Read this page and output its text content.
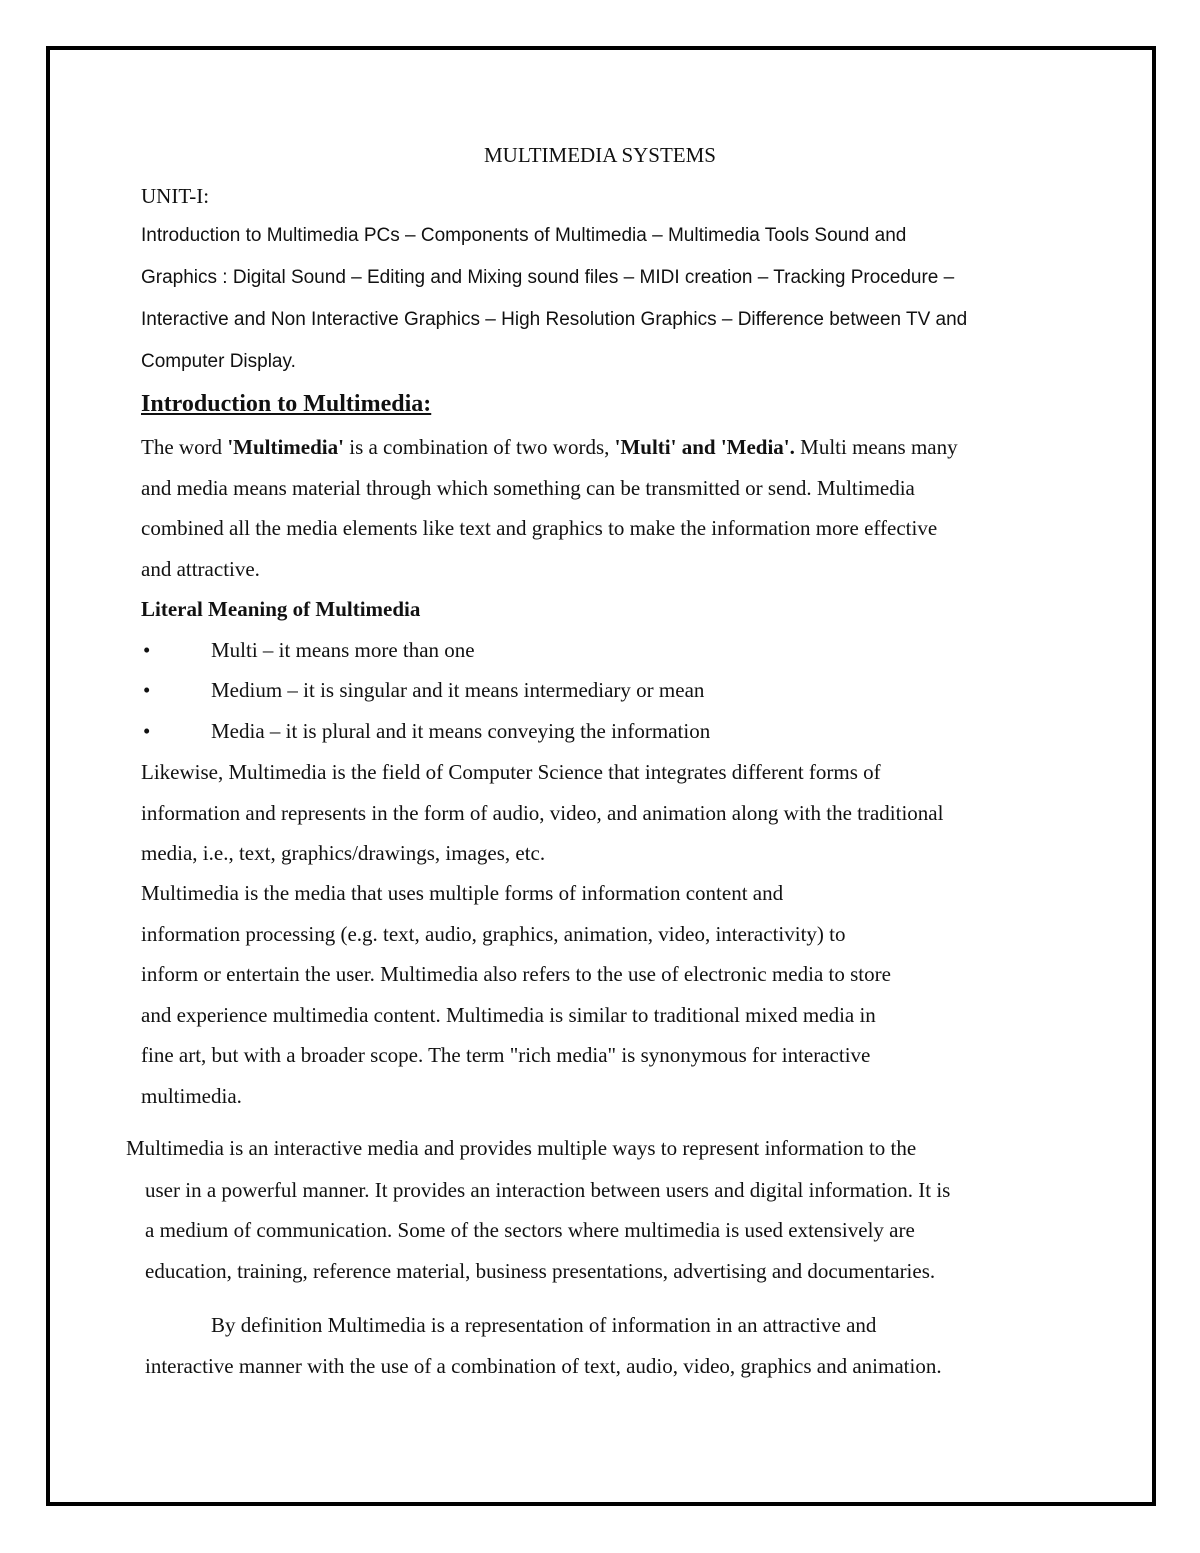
MULTIMEDIA SYSTEMS
UNIT-I:
Introduction to Multimedia PCs – Components of Multimedia – Multimedia Tools Sound and
Graphics : Digital Sound – Editing and Mixing sound files – MIDI creation – Tracking Procedure –
Interactive and Non Interactive Graphics – High Resolution Graphics – Difference between TV and
Computer Display.
Introduction to Multimedia:
The word 'Multimedia' is a combination of two words, 'Multi' and 'Media'. Multi means many
and media means material through which something can be transmitted or send. Multimedia
combined all the media elements like text and graphics to make the information more effective
and attractive.
Literal Meaning of Multimedia
•	Multi – it means more than one
•	Medium – it is singular and it means intermediary or mean
•	Media – it is plural and it means conveying the information
Likewise, Multimedia is the field of Computer Science that integrates different forms of
information and represents in the form of audio, video, and animation along with the traditional
media, i.e., text, graphics/drawings, images, etc.
Multimedia is the media that uses multiple forms of information content and
information processing (e.g. text, audio, graphics, animation, video, interactivity) to
inform or entertain the user. Multimedia also refers to the use of electronic media to store
and experience multimedia content. Multimedia is similar to traditional mixed media in
fine art, but with a broader scope. The term "rich media" is synonymous for interactive
multimedia.
Multimedia is an interactive media and provides multiple ways to represent information to the
user in a powerful manner. It provides an interaction between users and digital information. It is
a medium of communication. Some of the sectors where multimedia is used extensively are
education, training, reference material, business presentations, advertising and documentaries.
By definition Multimedia is a representation of information in an attractive and
interactive manner with the use of a combination of text, audio, video, graphics and animation.
